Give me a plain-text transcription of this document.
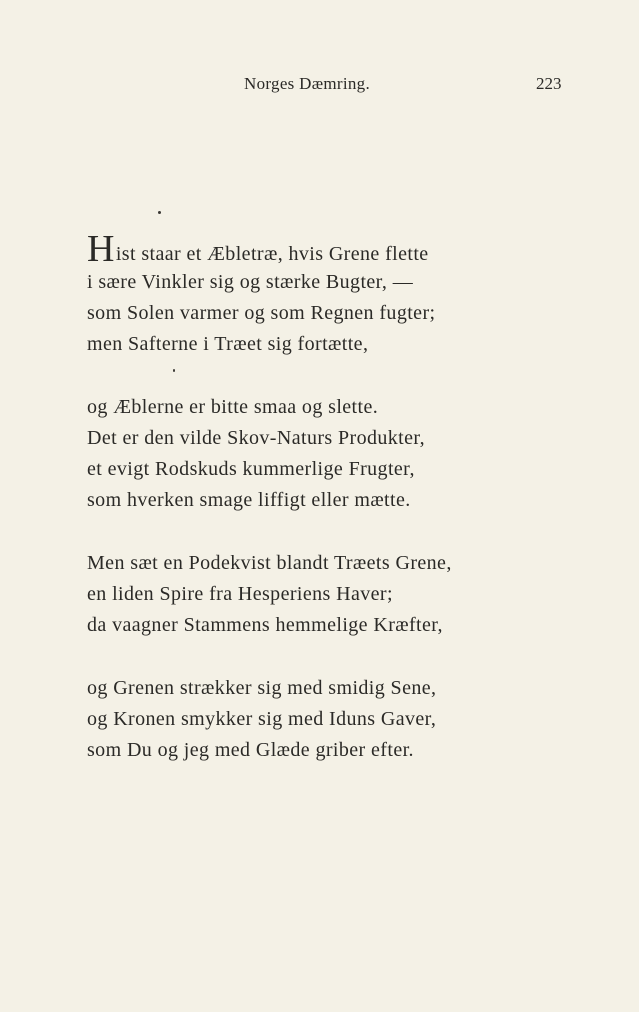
Norges Dæmring.	223
Hist staar et Æbletræ, hvis Grene flette
i sære Vinkler sig og stærke Bugter, —
som Solen varmer og som Regnen fugter;
men Safterne i Træet sig fortætte,
og Æblerne er bitte smaa og slette.
Det er den vilde Skov-Naturs Produkter,
et evigt Rodskuds kummerlige Frugter,
som hverken smage liffigt eller mætte.
Men sæt en Podekvist blandt Træets Grene,
en liden Spire fra Hesperiens Haver;
da vaagner Stammens hemmelige Kræfter,
og Grenen strækker sig med smidig Sene,
og Kronen smykker sig med Iduns Gaver,
som Du og jeg med Glæde griber efter.
